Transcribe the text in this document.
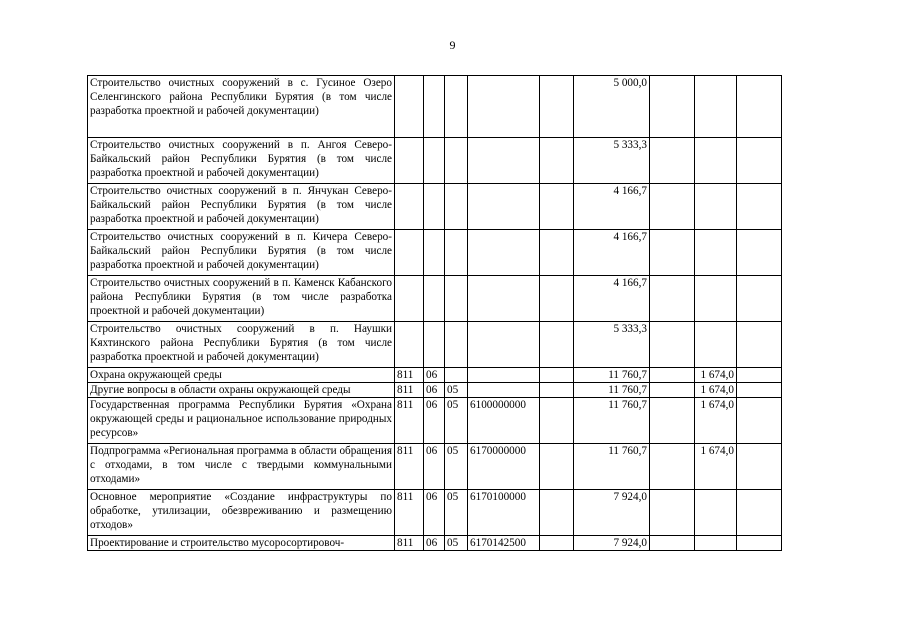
9
Строительство очистных сооружений в с. Гусиное Озеро Селенгинского района Республики Бурятия (в том числе разработка проектной и рабочей документации)						5 000,0			
Строительство очистных сооружений в п. Ангоя Северо-Байкальский район Республики Бурятия (в том числе разработка проектной и рабочей документации)						5 333,3			
Строительство очистных сооружений в п. Янчукан Северо-Байкальский район Республики Бурятия (в том числе разработка проектной и рабочей документации)						4 166,7			
Строительство очистных сооружений в п. Кичера Северо-Байкальский район Республики Бурятия (в том числе разработка проектной и рабочей документации)						4 166,7			
Строительство очистных сооружений в п. Каменск Кабанского района Республики Бурятия (в том числе разработка проектной и рабочей документации)						4 166,7			
Строительство очистных сооружений в п. Наушки Кяхтинского района Республики Бурятия (в том числе разработка проектной и рабочей документации)						5 333,3			
Охрана окружающей среды	811	06				11 760,7		1 674,0	
Другие вопросы в области охраны окружающей среды	811	06	05			11 760,7		1 674,0	
Государственная программа Республики Бурятия «Охрана окружающей среды и рациональное использование природных ресурсов»	811	06	05	6100000000		11 760,7		1 674,0	
Подпрограмма «Региональная программа в области обращения с отходами, в том числе с твердыми коммунальными отходами»	811	06	05	6170000000		11 760,7		1 674,0	
Основное мероприятие «Создание инфраструктуры по обработке, утилизации, обезвреживанию и размещению отходов»	811	06	05	6170100000		7 924,0			
Проектирование и строительство мусоросортировоч-	811	06	05	6170142500		7 924,0			
